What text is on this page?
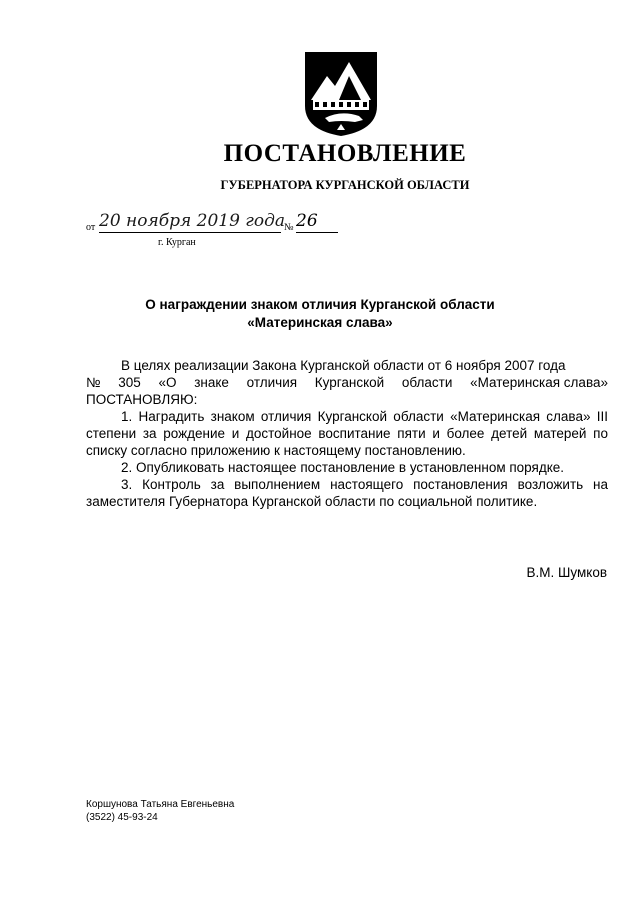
ПОСТАНОВЛЕНИЕ
ГУБЕРНАТОРА КУРГАНСКОЙ ОБЛАСТИ
от 20 ноября 2019 года
№ 26
г. Курган
О награждении знаком отличия Курганской области
«Материнская слава»

В целях реализации Закона Курганской области от 6 ноября 2007 года

№ 305 «О знаке отличия Курганской области «Материнская слава»

ПОСТАНОВЛЯЮ:

1. Наградить знаком отличия Курганской области «Материнская слава» III степени за рождение и достойное воспитание пяти и более детей матерей по списку согласно приложению к настоящему постановлению.

2. Опубликовать настоящее постановление в установленном порядке.

3. Контроль за выполнением настоящего постановления возложить на заместителя Губернатора Курганской области по социальной политике.

В.М. Шумков
Коршунова Татьяна Евгеньевна
(3522) 45-93-24
